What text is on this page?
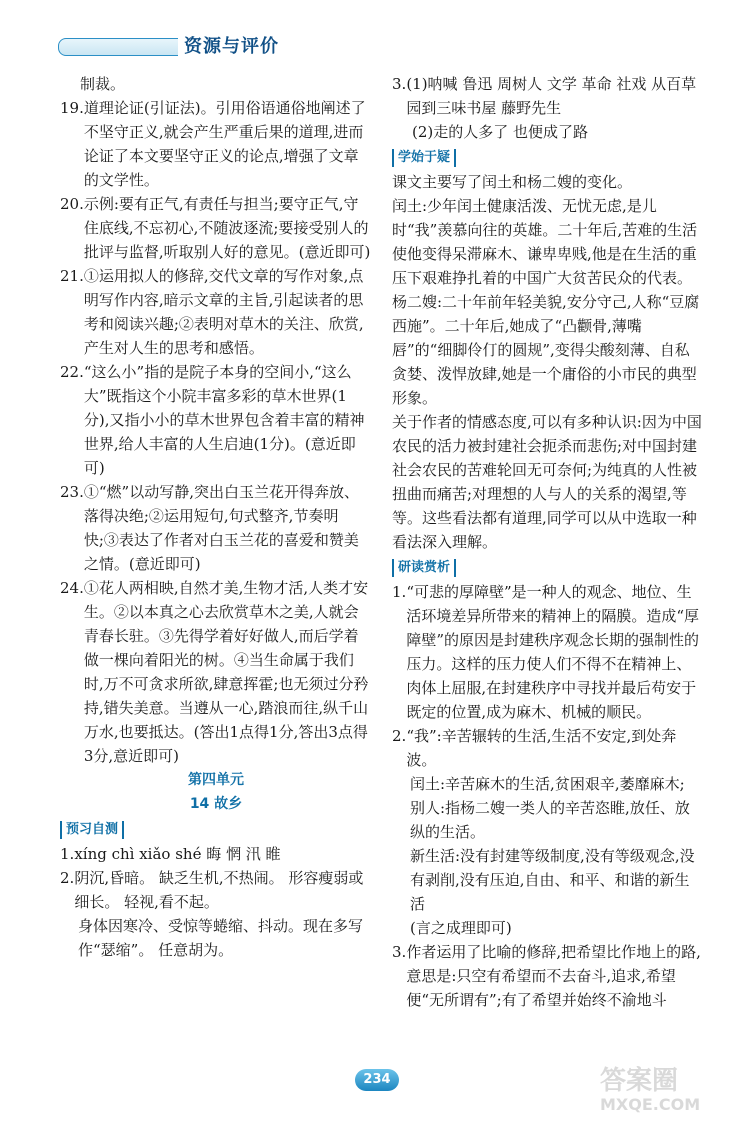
资源与评价

制裁。

19. 道理论证(引证法)。引用俗语通俗地阐述了不坚守正义,就会产生严重后果的道理,进而论证了本文要坚守正义的论点,增强了文章的文学性。
20. 示例:要有正气,有责任与担当;要守正气,守住底线,不忘初心,不随波逐流;要接受别人的批评与监督,听取别人好的意见。(意近即可)
21. ①运用拟人的修辞,交代文章的写作对象,点明写作内容,暗示文章的主旨,引起读者的思考和阅读兴趣;②表明对草木的关注、欣赏,产生对人生的思考和感悟。
22. “这么小”指的是院子本身的空间小,“这么大”既指这个小院丰富多彩的草木世界(1分),又指小小的草木世界包含着丰富的精神世界,给人丰富的人生启迪(1分)。(意近即可)
23. ①“燃”以动写静,突出白玉兰花开得奔放、落得决绝;②运用短句,句式整齐,节奏明快;③表达了作者对白玉兰花的喜爱和赞美之情。(意近即可)
24. ①花人两相映,自然才美,生物才活,人类才安生。②以本真之心去欣赏草木之美,人就会青春长驻。③先得学着好好做人,而后学着做一棵向着阳光的树。④当生命属于我们时,万不可贪求所欲,肆意挥霍;也无须过分矜持,错失美意。当遵从一心,踏浪而往,纵千山万水,也要抵达。(答出1点得1分,答出3点得3分,意近即可)

第四单元

14 故乡

预习自测
1. xíng chì xiǎo shé 晦 惘 汛 睢
2. 阴沉,昏暗。 缺乏生机,不热闹。 形容瘦弱或细长。 轻视,看不起。

身体因寒冷、受惊等蜷缩、抖动。现在多写作“瑟缩”。 任意胡为。

3. (1)呐喊 鲁迅 周树人 文学 革命 社戏 从百草园到三味书屋 藤野先生

(2)走的人多了 也便成了路

学始于疑

课文主要写了闰土和杨二嫂的变化。

闰土:少年闰土健康活泼、无忧无虑,是儿时“我”羡慕向往的英雄。二十年后,苦难的生活使他变得呆滞麻木、谦卑卑贱,他是在生活的重压下艰难挣扎着的中国广大贫苦民众的代表。

杨二嫂:二十年前年轻美貌,安分守己,人称“豆腐西施”。二十年后,她成了“凸颧骨,薄嘴唇”的“细脚伶仃的圆规”,变得尖酸刻薄、自私贪婪、泼悍放肆,她是一个庸俗的小市民的典型形象。

关于作者的情感态度,可以有多种认识:因为中国农民的活力被封建社会扼杀而悲伤;对中国封建社会农民的苦难轮回无可奈何;为纯真的人性被扭曲而痛苦;对理想的人与人的关系的渴望,等等。这些看法都有道理,同学可以从中选取一种看法深入理解。

研读赏析
1. “可悲的厚障壁”是一种人的观念、地位、生活环境差异所带来的精神上的隔膜。造成“厚障壁”的原因是封建秩序观念长期的强制性的压力。这样的压力使人们不得不在精神上、肉体上屈服,在封建秩序中寻找并最后苟安于既定的位置,成为麻木、机械的顺民。
2. “我”:辛苦辗转的生活,生活不安定,到处奔波。

闰土:辛苦麻木的生活,贫困艰辛,萎靡麻木;

别人:指杨二嫂一类人的辛苦恣睢,放任、放纵的生活。

新生活:没有封建等级制度,没有等级观念,没有剥削,没有压迫,自由、和平、和谐的新生活

(言之成理即可)

3. 作者运用了比喻的修辞,把希望比作地上的路,意思是:只空有希望而不去奋斗,追求,希望便“无所谓有”;有了希望并始终不渝地斗
234	答案圈
MXQE.COM
